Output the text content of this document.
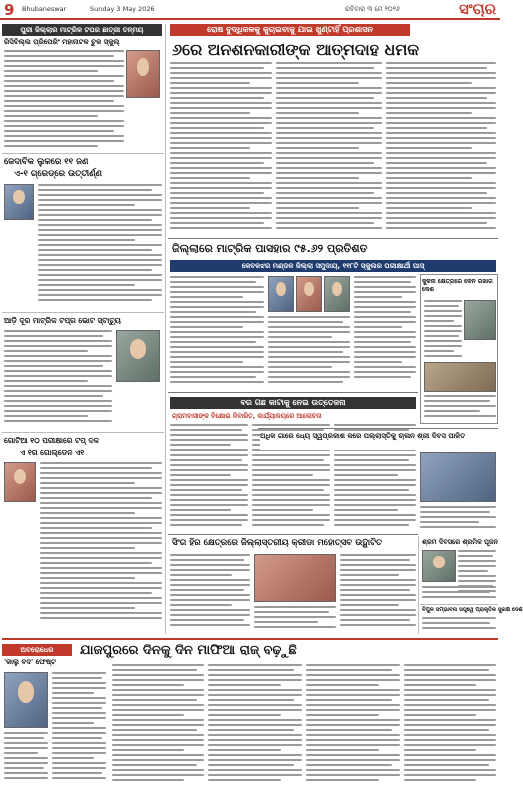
9 Bhubaneswar	Sunday 3 May 2026	ରବିବାର ୩ ମେ ୨୦୨୬	ସଂଚାର
ପୁରୀ ଜିଲ୍ଲାର ମାଟ୍ରିକ ଟପର ଛାତ୍ରୀ ତନ୍ମୟ
ରିସିବିଲ୍ଲ ପ୍ରିପେରିଂ ମହାନାଟକ ଚୁକ ସ୍କୁଲ୍
ଜେଦାବିକ ଲୁକରେ ୧୧ ଜଣ
ଏ-୧ ଗ୍ରେଡ୍‌ରେ ଉତ୍ତୀର୍ଣ୍ଣ
ଆଡ଼ି ଦୂର ମାଟ୍ରିକ ଟପ୍‌ର ଭୋଟ ସ୍ଟାଚ୍ୟୁ
ଗୋଟିଆ ୧୦ ପରୀକ୍ଷାରେ ଟପ୍ ଦଳ
ଏ ୧ଗ ଗୋଲ୍ଡେନ ଏ୧
ରୋଷ ବୁଦ୍ଧିକଳକୁ କୁଚାଇବାକୁ ଯାଇ ଖୁଣ୍ଟାହିଁ ପ୍ରଶାସନ
୬ରେ ଅନଶନକାରୀଙ୍କ ଆତ୍ମଦାହ ଧମକ
ଜିଲ୍ଲାରେ ମାଟ୍ରିକ ପାସହାର ୯୫.୬୨ ପ୍ରତିଶତ
କେବଳଝର ମଣ୍ଡଳ ଜିଲ୍ଲା ସମୁଦାୟ, ୧୧୮ଟି ସ୍କୁଲର ପରୀକ୍ଷାର୍ଥୀ ପାସ୍
କୁକନା କ୍ଷେତ୍ରରେ କେନ ରଖାଗ କେଶ
ବର ଗଛ କାଟାକୁ ନେଇ ଉତ୍ତେଜନା
ଗ୍ରାମବାସୀଙ୍କ ବିକ୍ଷୋଭ ନିବାରିତ, କାର୍ଯ୍ୟାଳୟରେ ଆଲୋଚନା
ଅଧିକ ଗାରେ ଧ୍ୟେ ସ୍ୱପ୍ରକାଶ କରେ ପଲ୍ଲାସ୍ତିକୁ ଚାଳାନ ଶ୍ରୀ ଦିବସ ପାଳିତ
ସିଂଗ ହିର କ୍ଷେତ୍ରରେ ଜିଲ୍ଲାସ୍ତରୀୟ କ୍ରୀଡା ମହୋତ୍ସବ ଉଦ୍ଘାଟିତ	ଶ୍ରମ ଦିବସରେ ଶ୍ରମିକ ପୂଜନ
ବିପୁଳ ସମ୍ଭାବନା ସତ୍ତ୍ୱେ ପ୍ରାକୃତିକ ସୁରକ୍ଷ ଦେଶ
ଅବରୋଧେର
'କାଲୁ ବଦ' ଫେଷ୍ଟ
ଯାଜପୁରରେ ଦିନକୁ ଦିନ ମାଫିଆ ରାଜ୍ ବଢ଼ୁଛି
